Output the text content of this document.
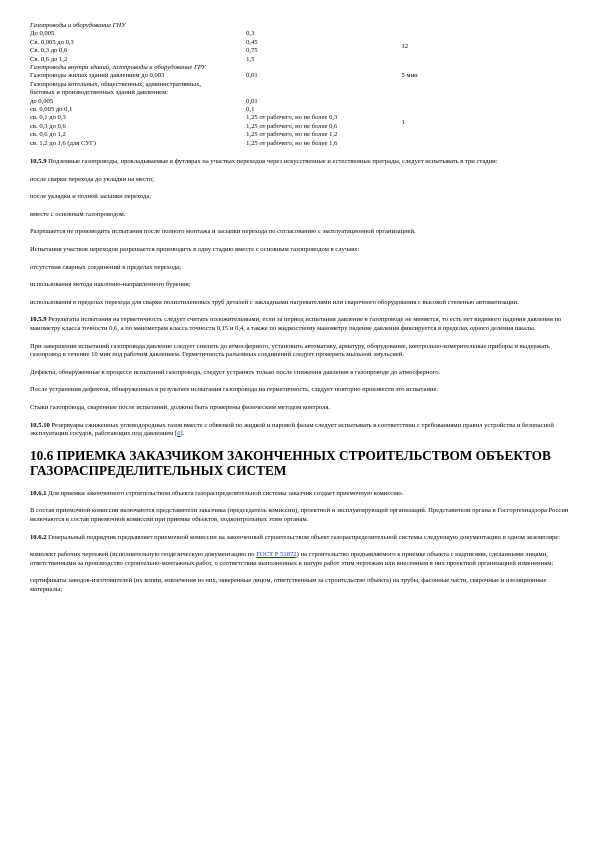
Газопроводы и оборудование ГНУ		
До 0,005	0,3	12
Св. 0,005 до 0,3	0,45	
Св. 0,3 до 0,6	0,75	
Св. 0,6 до 1,2	1,5	
Газопроводы внутри зданий, газопроводы и оборудование ГРУ		
Газопроводы жилых зданий давлением до 0,003	0,01	5 мин
Газопроводы котельных, общественных, административных, бытовых и производственных зданий давлением:		
до 0,005	0,01	1
св. 0,005 до 0,1	0,1	
св. 0,1 до 0,3	1,25 от рабочего, но не более 0,3	
св. 0,3 до 0,6	1,25 от рабочего, но не более 0,6	
св. 0,6 до 1,2	1,25 от рабочего, но не более 1,2	
св. 1,2 до 1,6 (для СУГ)	1,25 от рабочего, но не более 1,6	

10.5.9 Подземные газопроводы, прокладываемые в футлярах на участках переходов через искусственные и естественные преграды, следует испытывать в три стадии:

после сварки перехода до укладки на место;

после укладки и полной засыпки перехода;

вместе с основным газопроводом.

Разрешается не производить испытания после полного монтажа и засыпки перехода по согласованию с эксплуатационной организацией.

Испытания участков переходов разрешается производить в одну стадию вместе с основным газопроводом в случаях:

отсутствия сварных соединений в пределах перехода;

использования метода наклонно-направленного бурения;

использования в пределах перехода для сварки полиэтиленовых труб деталей с закладными нагревателями или сварочного оборудования с высокой степенью автоматизации.

10.5.9 Результаты испытания на герметичность следует считать положительными, если за период испытания давление в газопроводе не меняется, то есть нет видимого падения давления по манометру класса точности 0,6, а по манометрам класса точности 0,15 и 0,4, а также по жидкостному манометру падение давления фиксируется в пределах одного деления шкалы.

При завершении испытаний газопровода давление следует снизить до атмосферного, установить автоматику, арматуру, оборудование, контрольно-измерительные приборы и выдержать газопровод в течение 10 мин под рабочим давлением. Герметичность разъемных соединений следует проверить мыльной эмульсией.

Дефекты, обнаруженные в процессе испытаний газопровода, следует устранять только после снижения давления в газопроводе до атмосферного.

После устранения дефектов, обнаруженных в результате испытания газопровода на герметичность, следует повторно произвести это испытание.

Стыки газопровода, сваренные после испытаний, должны быть проверены физическим методом контроля.

10.5.10 Резервуары сжиженных углеводородных газов вместе с обвязкой по жидкой и паровой фазам следует испытывать в соответствии с требованиями правил устройства и безопасной эксплуатации сосудов, работающих под давлением [6].

10.6 ПРИЕМКА ЗАКАЗЧИКОМ ЗАКОНЧЕННЫХ СТРОИТЕЛЬСТВОМ ОБЪЕКТОВ ГАЗОРАСПРЕДЕЛИТЕЛЬНЫХ СИСТЕМ

10.6.1 Для приемки законченного строительством объекта газораспределительной системы заказчик создает приемочную комиссию.

В состав приемочной комиссии включаются представители заказчика (председатель комиссии), проектной и эксплуатирующей организаций. Представители органа в Госгортехнадзора России включаются в состав приемочной комиссии при приемке объектов, подконтрольных этим органам.

10.6.2 Генеральный подрядчик предъявляет приемочной комиссии на законченный строительством объект газораспределительной системы следующую документацию в одном экземпляре:

комплект рабочих чертежей (исполнительную геодезическую документацию по ГОСТ Р 51872) на строительство предъявляемого к приемке объекта с надписями, сделанными лицами, ответственными за производство строительно-монтажных работ, о соответствии выполненных в натуре работ этим чертежам или внесенным в них проектной организацией изменениям;

сертификаты заводов-изготовителей (их копии, извлечения из них, заверенные лицом, ответственным за строительство объекта) на трубы, фасонные части, сварочные и изоляционные материалы;
